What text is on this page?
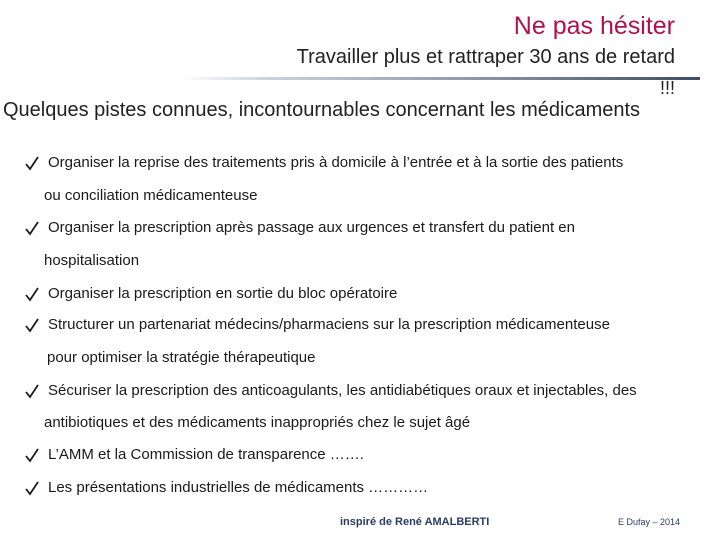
Ne pas hésiter
Travailler plus et rattraper 30 ans de retard
!!!
Quelques pistes connues, incontournables concernant les médicaments
Organiser la reprise des traitements pris à domicile à l’entrée et à la sortie des patients
ou conciliation médicamenteuse
Organiser la prescription après passage aux urgences et transfert du patient en
hospitalisation
Organiser la prescription en sortie du bloc opératoire
Structurer un partenariat médecins/pharmaciens sur la prescription médicamenteuse
pour optimiser la stratégie thérapeutique
Sécuriser la prescription des anticoagulants, les antidiabétiques oraux et injectables, des
antibiotiques et des médicaments inappropriés chez le sujet âgé
L’AMM et la Commission de transparence …….
Les présentations industrielles de médicaments …………
inspiré de René AMALBERTI	E Dufay – 2014
